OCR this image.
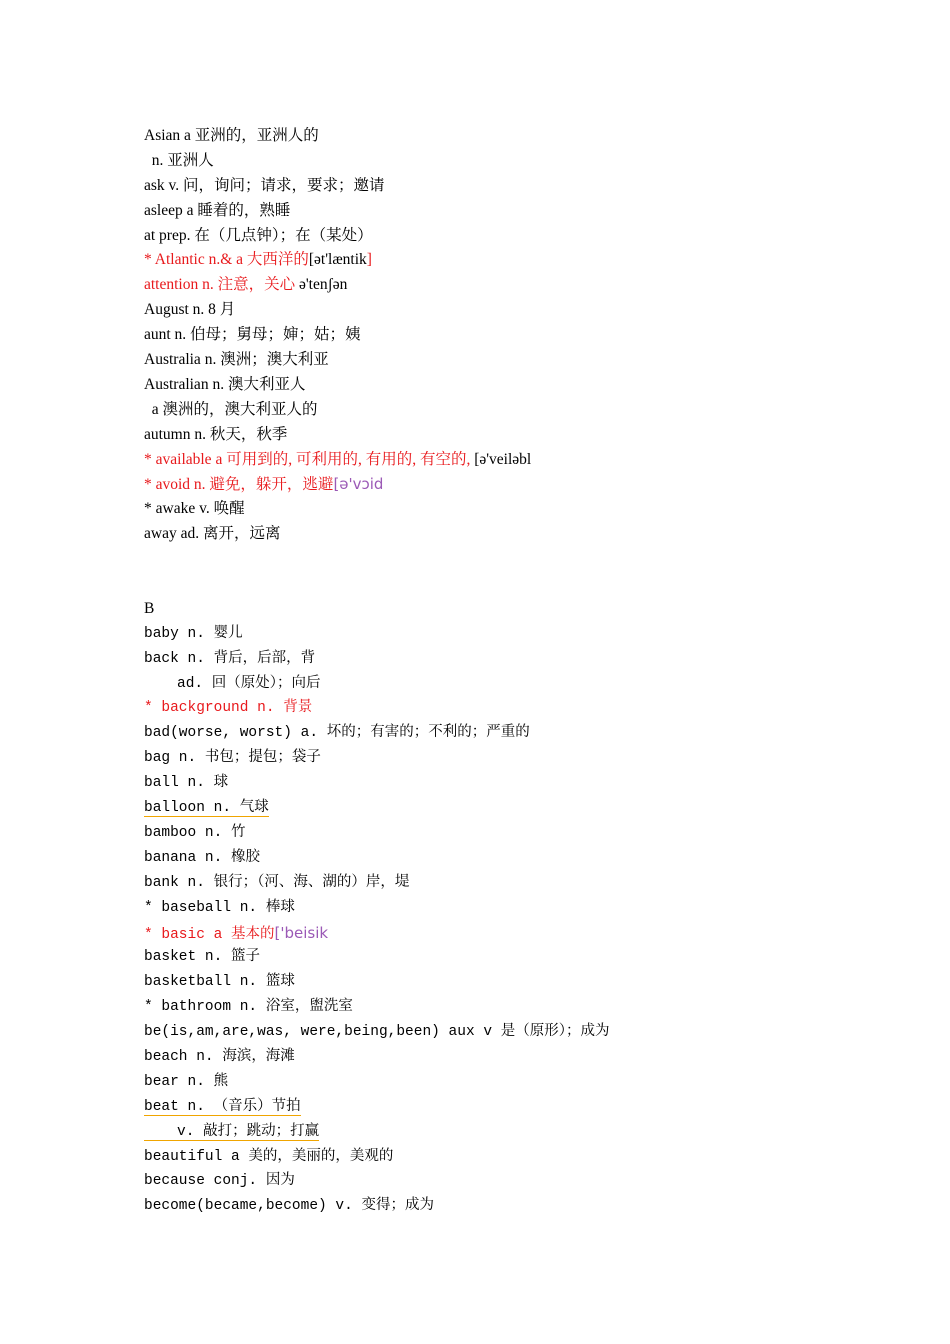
Asian a 亚洲的，亚洲人的
n. 亚洲人
ask v. 问，询问；请求，要求；邀请
asleep a 睡着的，熟睡
at prep. 在（几点钟）；在（某处）
* Atlantic n.& a 大西洋的[ət'læntik]
attention n. 注意，关心 ə'tenʃən
August n. 8 月
aunt n. 伯母；舅母；婶；姑；姨
Australia n. 澳洲；澳大利亚
Australian n. 澳大利亚人
a 澳洲的，澳大利亚人的
autumn n. 秋天，秋季
* available a 可用到的, 可利用的, 有用的, 有空的, [ə'veiləbl
* avoid n. 避免，躲开，逃避[ə'vɔid
* awake v. 唤醒
away ad. 离开，远离
B
baby n. 婴儿
back n. 背后，后部，背
ad. 回（原处）；向后
* background n. 背景
bad(worse, worst) a. 坏的；有害的；不利的；严重的
bag n. 书包；提包；袋子
ball n. 球
balloon n. 气球
bamboo n. 竹
banana n. 橡胶
bank n. 银行；（河、海、湖的）岸，堤
* baseball n. 棒球
* basic a 基本的['beisik
basket n. 篮子
basketball n. 篮球
* bathroom n. 浴室，盥洗室
be(is,am,are,was, were,being,been) aux v 是（原形）；成为
beach n. 海滨，海滩
bear n. 熊
beat n. （音乐）节拍
v. 敲打；跳动；打赢
beautiful a 美的，美丽的，美观的
because conj. 因为
become(became,become) v. 变得；成为
